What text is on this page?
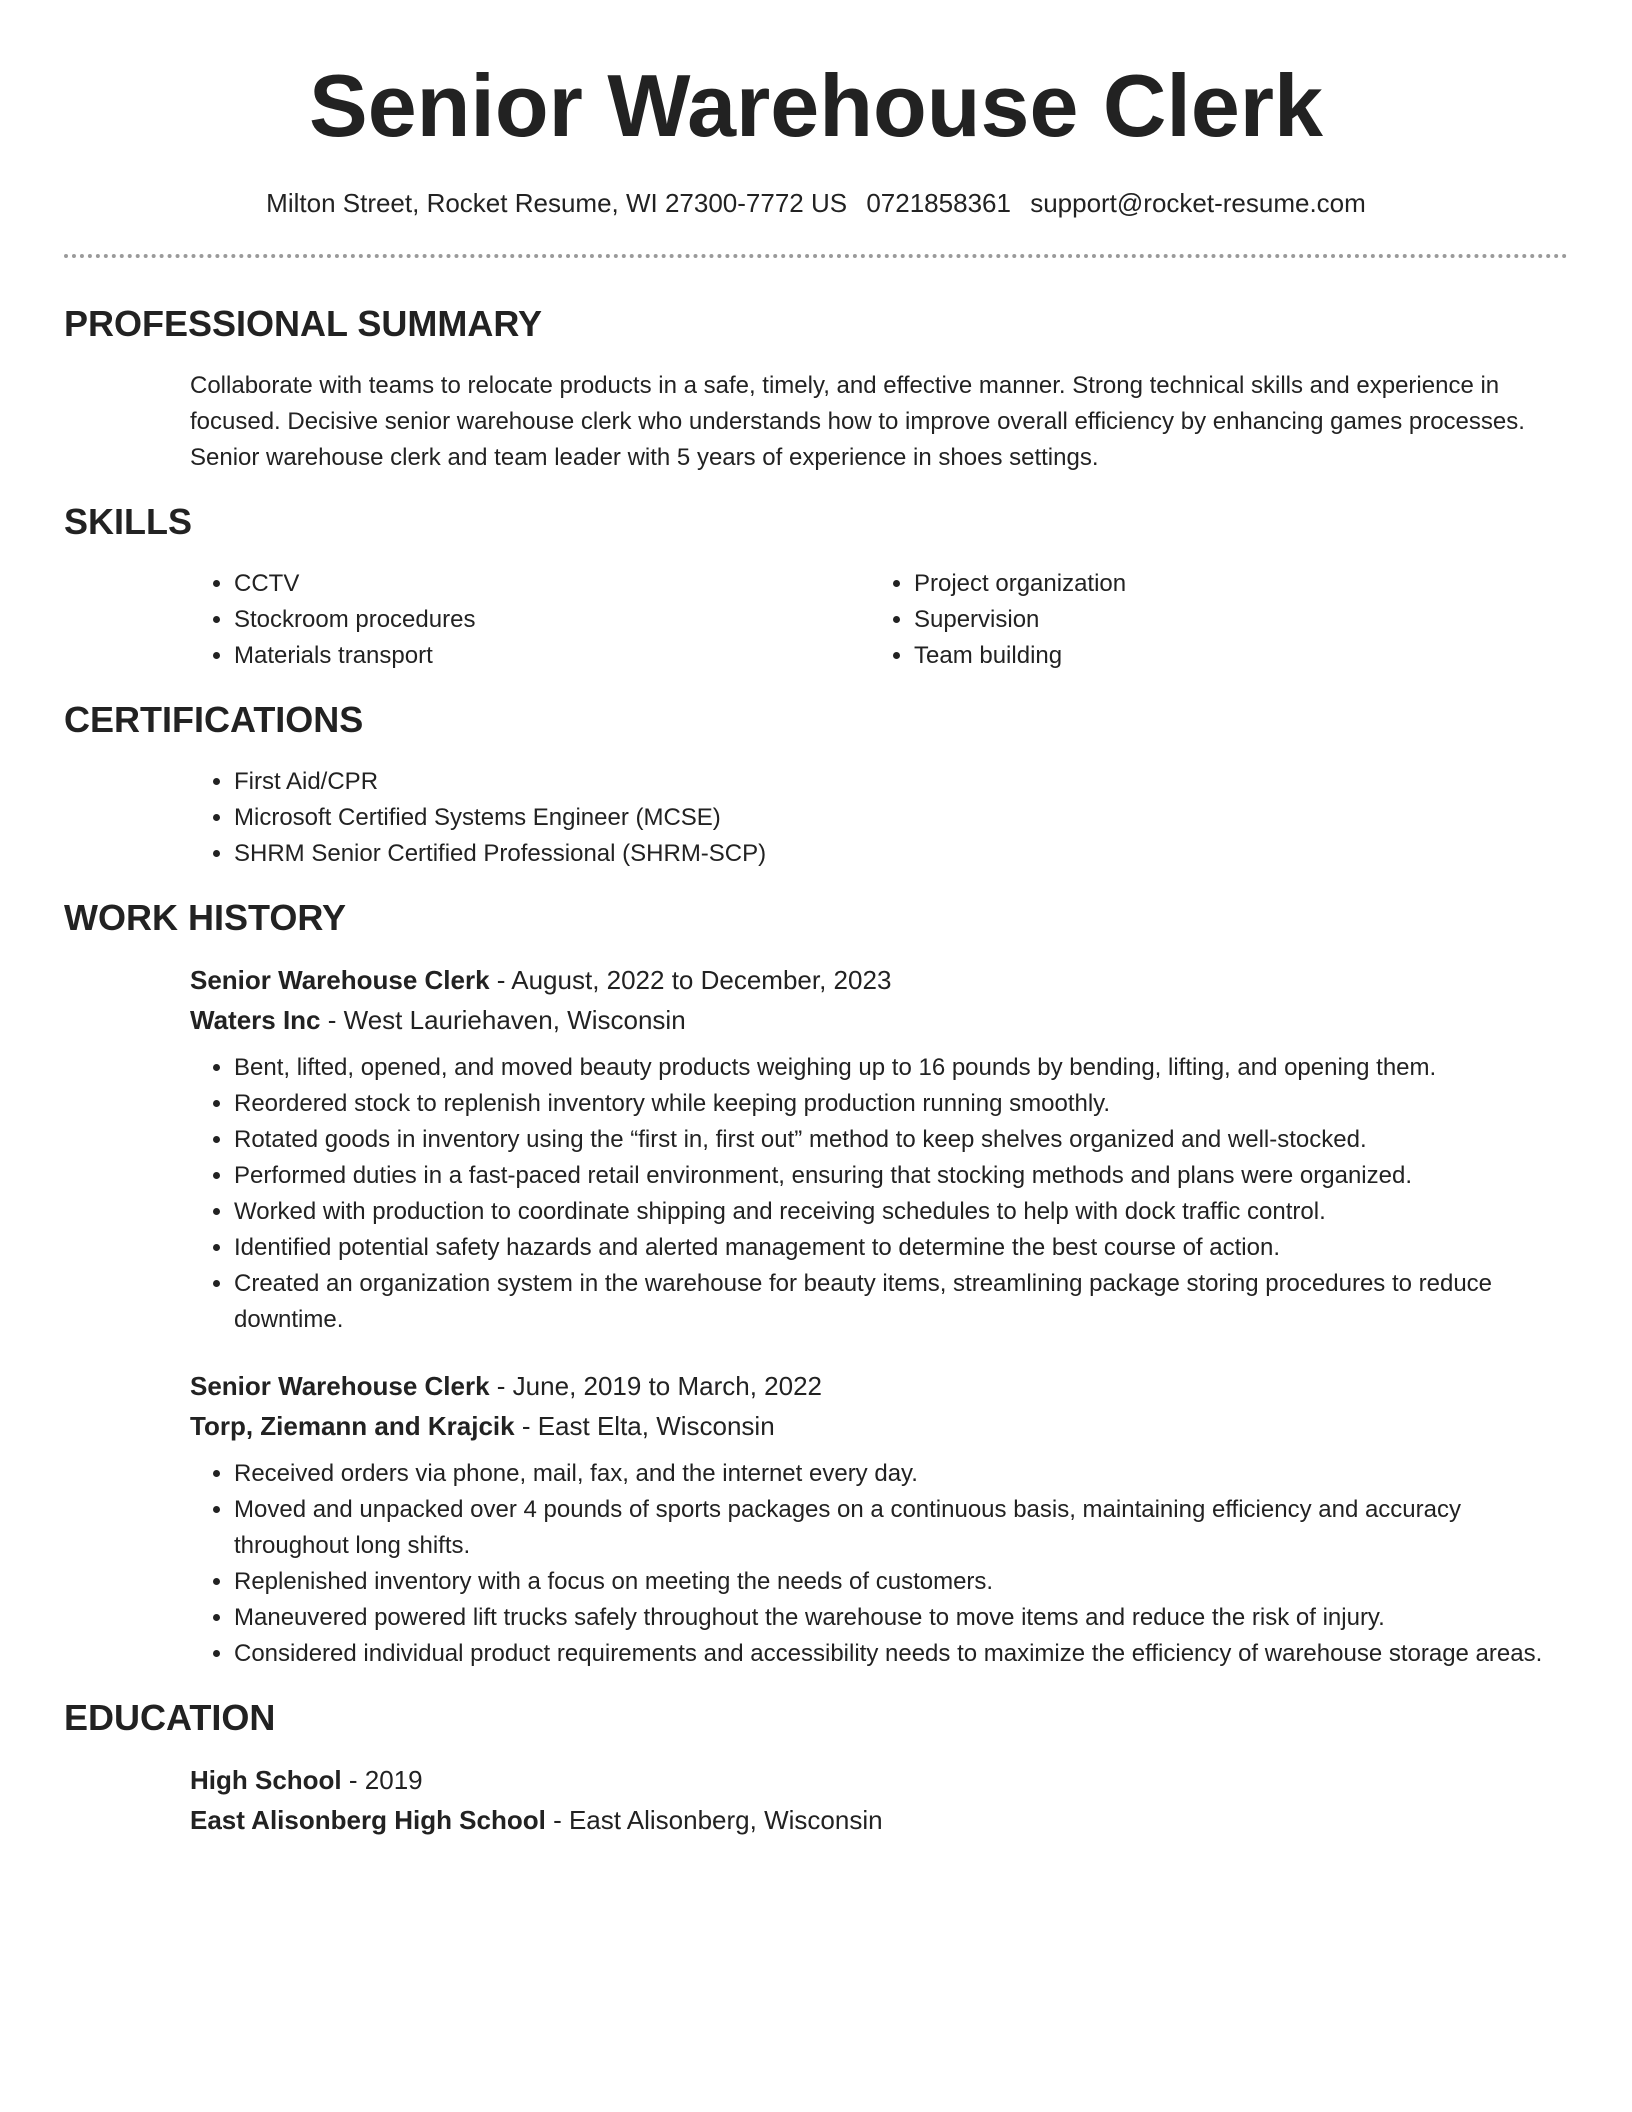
Senior Warehouse Clerk
Milton Street, Rocket Resume, WI 27300-7772 US 0721858361 support@rocket-resume.com
PROFESSIONAL SUMMARY

Collaborate with teams to relocate products in a safe, timely, and effective manner. Strong technical skills and experience in focused. Decisive senior warehouse clerk who understands how to improve overall efficiency by enhancing games processes. Senior warehouse clerk and team leader with 5 years of experience in shoes settings.

SKILLS
• CCTV
• Stockroom procedures
• Materials transport
• Project organization
• Supervision
• Team building
CERTIFICATIONS
• First Aid/CPR
• Microsoft Certified Systems Engineer (MCSE)
• SHRM Senior Certified Professional (SHRM-SCP)
WORK HISTORY
Senior Warehouse Clerk - August, 2022 to December, 2023
Waters Inc - West Lauriehaven, Wisconsin
• Bent, lifted, opened, and moved beauty products weighing up to 16 pounds by bending, lifting, and opening them.
• Reordered stock to replenish inventory while keeping production running smoothly.
• Rotated goods in inventory using the “first in, first out” method to keep shelves organized and well-stocked.
• Performed duties in a fast-paced retail environment, ensuring that stocking methods and plans were organized.
• Worked with production to coordinate shipping and receiving schedules to help with dock traffic control.
• Identified potential safety hazards and alerted management to determine the best course of action.
• Created an organization system in the warehouse for beauty items, streamlining package storing procedures to reduce downtime.
Senior Warehouse Clerk - June, 2019 to March, 2022
Torp, Ziemann and Krajcik - East Elta, Wisconsin
• Received orders via phone, mail, fax, and the internet every day.
• Moved and unpacked over 4 pounds of sports packages on a continuous basis, maintaining efficiency and accuracy throughout long shifts.
• Replenished inventory with a focus on meeting the needs of customers.
• Maneuvered powered lift trucks safely throughout the warehouse to move items and reduce the risk of injury.
• Considered individual product requirements and accessibility needs to maximize the efficiency of warehouse storage areas.
EDUCATION
High School - 2019
East Alisonberg High School - East Alisonberg, Wisconsin
